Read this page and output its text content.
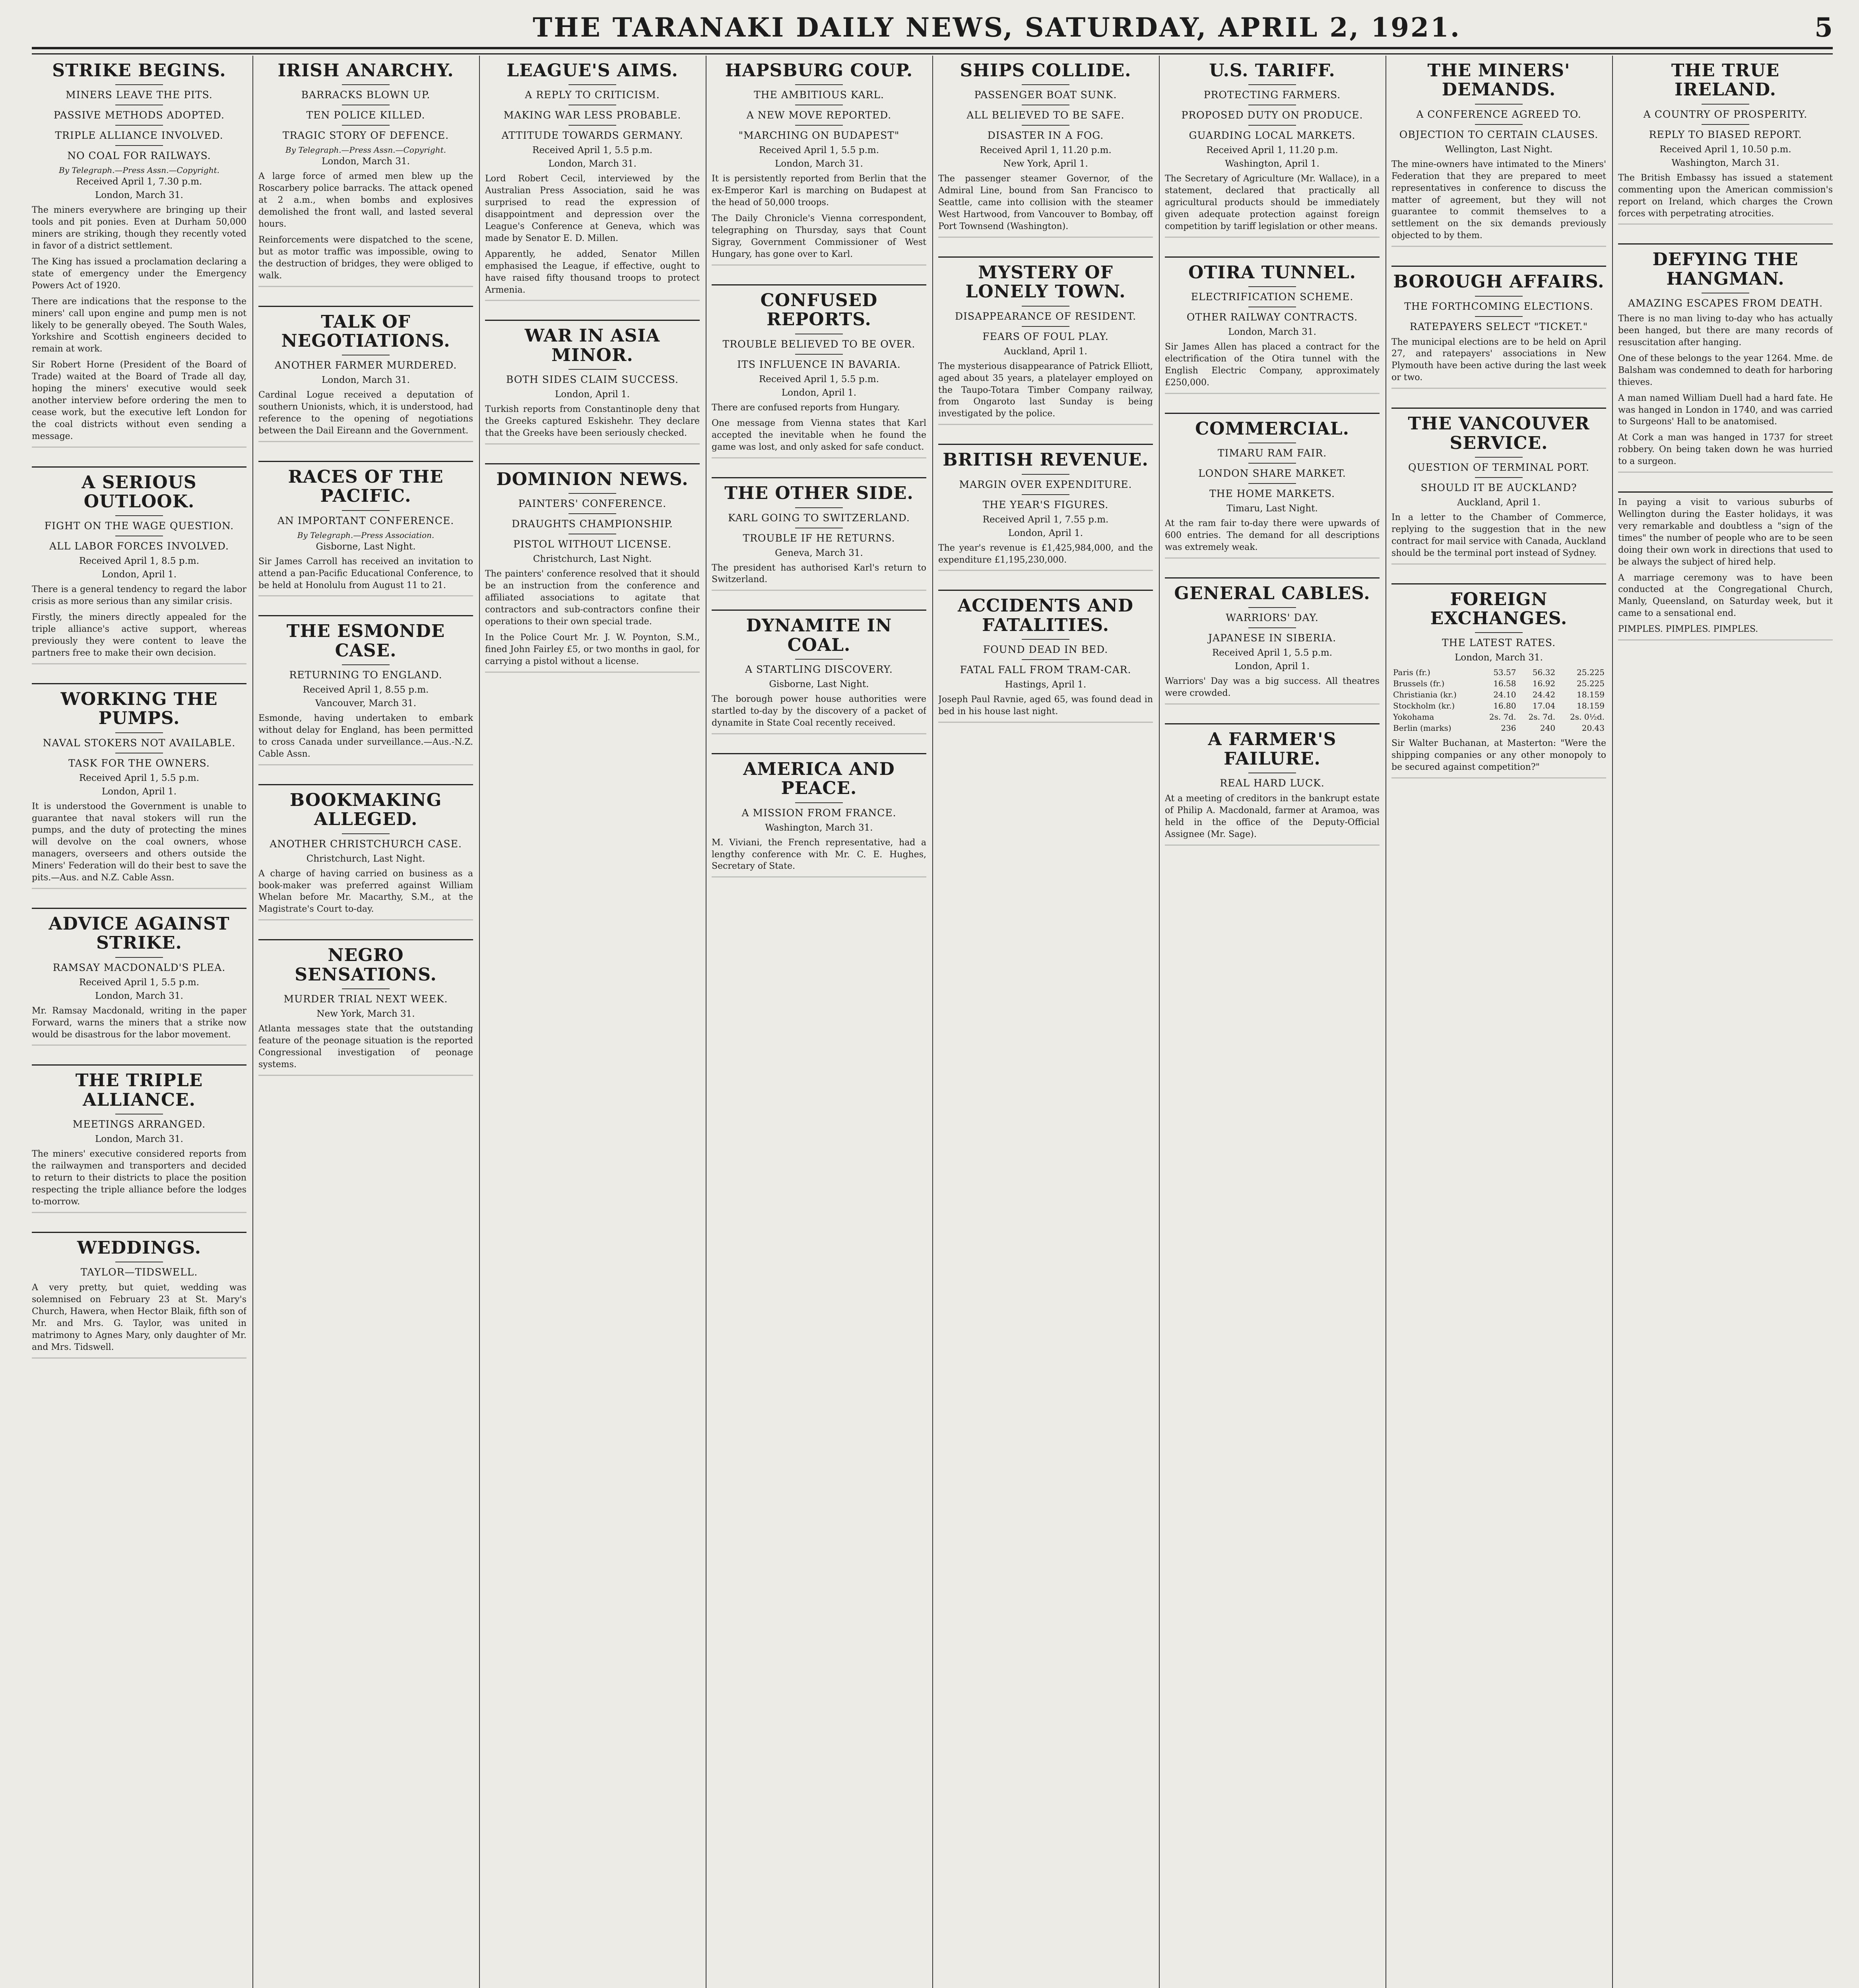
THE TARANAKI DAILY NEWS, SATURDAY, APRIL 2, 1921.	5
STRIKE BEGINS.
MINERS LEAVE THE PITS.
PASSIVE METHODS ADOPTED.
TRIPLE ALLIANCE INVOLVED.
NO COAL FOR RAILWAYS.
By Telegraph.—Press Assn.—Copyright.
Received April 1, 7.30 p.m.
London, March 31.

The miners everywhere are bringing up their tools and pit ponies. Even at Durham 50,000 miners are striking, though they recently voted in favor of a district settlement.

The King has issued a proclamation declaring a state of emergency under the Emergency Powers Act of 1920.

There are indications that the response to the miners' call upon engine and pump men is not likely to be generally obeyed. The South Wales, Yorkshire and Scottish engineers decided to remain at work.

Sir Robert Horne (President of the Board of Trade) waited at the Board of Trade all day, hoping the miners' executive would seek another interview before ordering the men to cease work, but the executive left London for the coal districts without even sending a message.

A SERIOUS OUTLOOK.
FIGHT ON THE WAGE QUESTION.
ALL LABOR FORCES INVOLVED.
Received April 1, 8.5 p.m.
London, April 1.

There is a general tendency to regard the labor crisis as more serious than any similar crisis.

Firstly, the miners directly appealed for the triple alliance's active support, whereas previously they were content to leave the partners free to make their own decision.

WORKING THE PUMPS.
NAVAL STOKERS NOT AVAILABLE.
TASK FOR THE OWNERS.
Received April 1, 5.5 p.m.
London, April 1.

It is understood the Government is unable to guarantee that naval stokers will run the pumps, and the duty of protecting the mines will devolve on the coal owners, whose managers, overseers and others outside the Miners' Federation will do their best to save the pits.—Aus. and N.Z. Cable Assn.

ADVICE AGAINST STRIKE.
RAMSAY MACDONALD'S PLEA.
Received April 1, 5.5 p.m.
London, March 31.

Mr. Ramsay Macdonald, writing in the paper Forward, warns the miners that a strike now would be disastrous for the labor movement.

THE TRIPLE ALLIANCE.
MEETINGS ARRANGED.
London, March 31.

The miners' executive considered reports from the railwaymen and transporters and decided to return to their districts to place the position respecting the triple alliance before the lodges to-morrow.

WEDDINGS.
TAYLOR—TIDSWELL.

A very pretty, but quiet, wedding was solemnised on February 23 at St. Mary's Church, Hawera, when Hector Blaik, fifth son of Mr. and Mrs. G. Taylor, was united in matrimony to Agnes Mary, only daughter of Mr. and Mrs. Tidswell.

IRISH ANARCHY.
BARRACKS BLOWN UP.
TEN POLICE KILLED.
TRAGIC STORY OF DEFENCE.
By Telegraph.—Press Assn.—Copyright.
London, March 31.

A large force of armed men blew up the Roscarbery police barracks. The attack opened at 2 a.m., when bombs and explosives demolished the front wall, and lasted several hours.

Reinforcements were dispatched to the scene, but as motor traffic was impossible, owing to the destruction of bridges, they were obliged to walk.

TALK OF NEGOTIATIONS.
ANOTHER FARMER MURDERED.
London, March 31.

Cardinal Logue received a deputation of southern Unionists, which, it is understood, had reference to the opening of negotiations between the Dail Eireann and the Government.

RACES OF THE PACIFIC.
AN IMPORTANT CONFERENCE.
By Telegraph.—Press Association.
Gisborne, Last Night.

Sir James Carroll has received an invitation to attend a pan-Pacific Educational Conference, to be held at Honolulu from August 11 to 21.

THE ESMONDE CASE.
RETURNING TO ENGLAND.
Received April 1, 8.55 p.m.
Vancouver, March 31.

Esmonde, having undertaken to embark without delay for England, has been permitted to cross Canada under surveillance.—Aus.-N.Z. Cable Assn.

BOOKMAKING ALLEGED.
ANOTHER CHRISTCHURCH CASE.
Christchurch, Last Night.

A charge of having carried on business as a book-maker was preferred against William Whelan before Mr. Macarthy, S.M., at the Magistrate's Court to-day.

NEGRO SENSATIONS.
MURDER TRIAL NEXT WEEK.
New York, March 31.

Atlanta messages state that the outstanding feature of the peonage situation is the reported Congressional investigation of peonage systems.

LEAGUE'S AIMS.
A REPLY TO CRITICISM.
MAKING WAR LESS PROBABLE.
ATTITUDE TOWARDS GERMANY.
Received April 1, 5.5 p.m.
London, March 31.

Lord Robert Cecil, interviewed by the Australian Press Association, said he was surprised to read the expression of disappointment and depression over the League's Conference at Geneva, which was made by Senator E. D. Millen.

Apparently, he added, Senator Millen emphasised the League, if effective, ought to have raised fifty thousand troops to protect Armenia.

WAR IN ASIA MINOR.
BOTH SIDES CLAIM SUCCESS.
London, April 1.

Turkish reports from Constantinople deny that the Greeks captured Eskishehr. They declare that the Greeks have been seriously checked.

DOMINION NEWS.
PAINTERS' CONFERENCE.
DRAUGHTS CHAMPIONSHIP.
PISTOL WITHOUT LICENSE.
Christchurch, Last Night.

The painters' conference resolved that it should be an instruction from the conference and affiliated associations to agitate that contractors and sub-contractors confine their operations to their own special trade.

In the Police Court Mr. J. W. Poynton, S.M., fined John Fairley £5, or two months in gaol, for carrying a pistol without a license.

HAPSBURG COUP.
THE AMBITIOUS KARL.
A NEW MOVE REPORTED.
"MARCHING ON BUDAPEST"
Received April 1, 5.5 p.m.
London, March 31.

It is persistently reported from Berlin that the ex-Emperor Karl is marching on Budapest at the head of 50,000 troops.

The Daily Chronicle's Vienna correspondent, telegraphing on Thursday, says that Count Sigray, Government Commissioner of West Hungary, has gone over to Karl.

CONFUSED REPORTS.
TROUBLE BELIEVED TO BE OVER.
ITS INFLUENCE IN BAVARIA.
Received April 1, 5.5 p.m.
London, April 1.

There are confused reports from Hungary.

One message from Vienna states that Karl accepted the inevitable when he found the game was lost, and only asked for safe conduct.

THE OTHER SIDE.
KARL GOING TO SWITZERLAND.
TROUBLE IF HE RETURNS.
Geneva, March 31.

The president has authorised Karl's return to Switzerland.

DYNAMITE IN COAL.
A STARTLING DISCOVERY.
Gisborne, Last Night.

The borough power house authorities were startled to-day by the discovery of a packet of dynamite in State Coal recently received.

AMERICA AND PEACE.
A MISSION FROM FRANCE.
Washington, March 31.

M. Viviani, the French representative, had a lengthy conference with Mr. C. E. Hughes, Secretary of State.

SHIPS COLLIDE.
PASSENGER BOAT SUNK.
ALL BELIEVED TO BE SAFE.
DISASTER IN A FOG.
Received April 1, 11.20 p.m.
New York, April 1.

The passenger steamer Governor, of the Admiral Line, bound from San Francisco to Seattle, came into collision with the steamer West Hartwood, from Vancouver to Bombay, off Port Townsend (Washington).

MYSTERY OF LONELY TOWN.
DISAPPEARANCE OF RESIDENT.
FEARS OF FOUL PLAY.
Auckland, April 1.

The mysterious disappearance of Patrick Elliott, aged about 35 years, a platelayer employed on the Taupo-Totara Timber Company railway, from Ongaroto last Sunday is being investigated by the police.

BRITISH REVENUE.
MARGIN OVER EXPENDITURE.
THE YEAR'S FIGURES.
Received April 1, 7.55 p.m.
London, April 1.

The year's revenue is £1,425,984,000, and the expenditure £1,195,230,000.

ACCIDENTS AND FATALITIES.
FOUND DEAD IN BED.
FATAL FALL FROM TRAM-CAR.
Hastings, April 1.

Joseph Paul Ravnie, aged 65, was found dead in bed in his house last night.

U.S. TARIFF.
PROTECTING FARMERS.
PROPOSED DUTY ON PRODUCE.
GUARDING LOCAL MARKETS.
Received April 1, 11.20 p.m.
Washington, April 1.

The Secretary of Agriculture (Mr. Wallace), in a statement, declared that practically all agricultural products should be immediately given adequate protection against foreign competition by tariff legislation or other means.

OTIRA TUNNEL.
ELECTRIFICATION SCHEME.
OTHER RAILWAY CONTRACTS.
London, March 31.

Sir James Allen has placed a contract for the electrification of the Otira tunnel with the English Electric Company, approximately £250,000.

COMMERCIAL.
TIMARU RAM FAIR.
LONDON SHARE MARKET.
THE HOME MARKETS.
Timaru, Last Night.

At the ram fair to-day there were upwards of 600 entries. The demand for all descriptions was extremely weak.

GENERAL CABLES.
WARRIORS' DAY.
JAPANESE IN SIBERIA.
Received April 1, 5.5 p.m.
London, April 1.

Warriors' Day was a big success. All theatres were crowded.

A FARMER'S FAILURE.
REAL HARD LUCK.

At a meeting of creditors in the bankrupt estate of Philip A. Macdonald, farmer at Aramoa, was held in the office of the Deputy-Official Assignee (Mr. Sage).

THE MINERS' DEMANDS.
A CONFERENCE AGREED TO.
OBJECTION TO CERTAIN CLAUSES.
Wellington, Last Night.

The mine-owners have intimated to the Miners' Federation that they are prepared to meet representatives in conference to discuss the matter of agreement, but they will not guarantee to commit themselves to a settlement on the six demands previously objected to by them.

BOROUGH AFFAIRS.
THE FORTHCOMING ELECTIONS.
RATEPAYERS SELECT "TICKET."

The municipal elections are to be held on April 27, and ratepayers' associations in New Plymouth have been active during the last week or two.

THE VANCOUVER SERVICE.
QUESTION OF TERMINAL PORT.
SHOULD IT BE AUCKLAND?
Auckland, April 1.

In a letter to the Chamber of Commerce, replying to the suggestion that in the new contract for mail service with Canada, Auckland should be the terminal port instead of Sydney.

FOREIGN EXCHANGES.
THE LATEST RATES.
London, March 31.
Paris (fr.)	53.57	56.32	25.225
Brussels (fr.)	16.58	16.92	25.225
Christiania (kr.)	24.10	24.42	18.159
Stockholm (kr.)	16.80	17.04	18.159
Yokohama	2s. 7d.	2s. 7d.	2s. 0½d.
Berlin (marks)	236	240	20.43

Sir Walter Buchanan, at Masterton: "Were the shipping companies or any other monopoly to be secured against competition?"

THE TRUE IRELAND.
A COUNTRY OF PROSPERITY.
REPLY TO BIASED REPORT.
Received April 1, 10.50 p.m.
Washington, March 31.

The British Embassy has issued a statement commenting upon the American commission's report on Ireland, which charges the Crown forces with perpetrating atrocities.

DEFYING THE HANGMAN.
AMAZING ESCAPES FROM DEATH.

There is no man living to-day who has actually been hanged, but there are many records of resuscitation after hanging.

One of these belongs to the year 1264. Mme. de Balsham was condemned to death for harboring thieves.

A man named William Duell had a hard fate. He was hanged in London in 1740, and was carried to Surgeons' Hall to be anatomised.

At Cork a man was hanged in 1737 for street robbery. On being taken down he was hurried to a surgeon.

In paying a visit to various suburbs of Wellington during the Easter holidays, it was very remarkable and doubtless a "sign of the times" the number of people who are to be seen doing their own work in directions that used to be always the subject of hired help.

A marriage ceremony was to have been conducted at the Congregational Church, Manly, Queensland, on Saturday week, but it came to a sensational end.

PIMPLES. PIMPLES. PIMPLES.
